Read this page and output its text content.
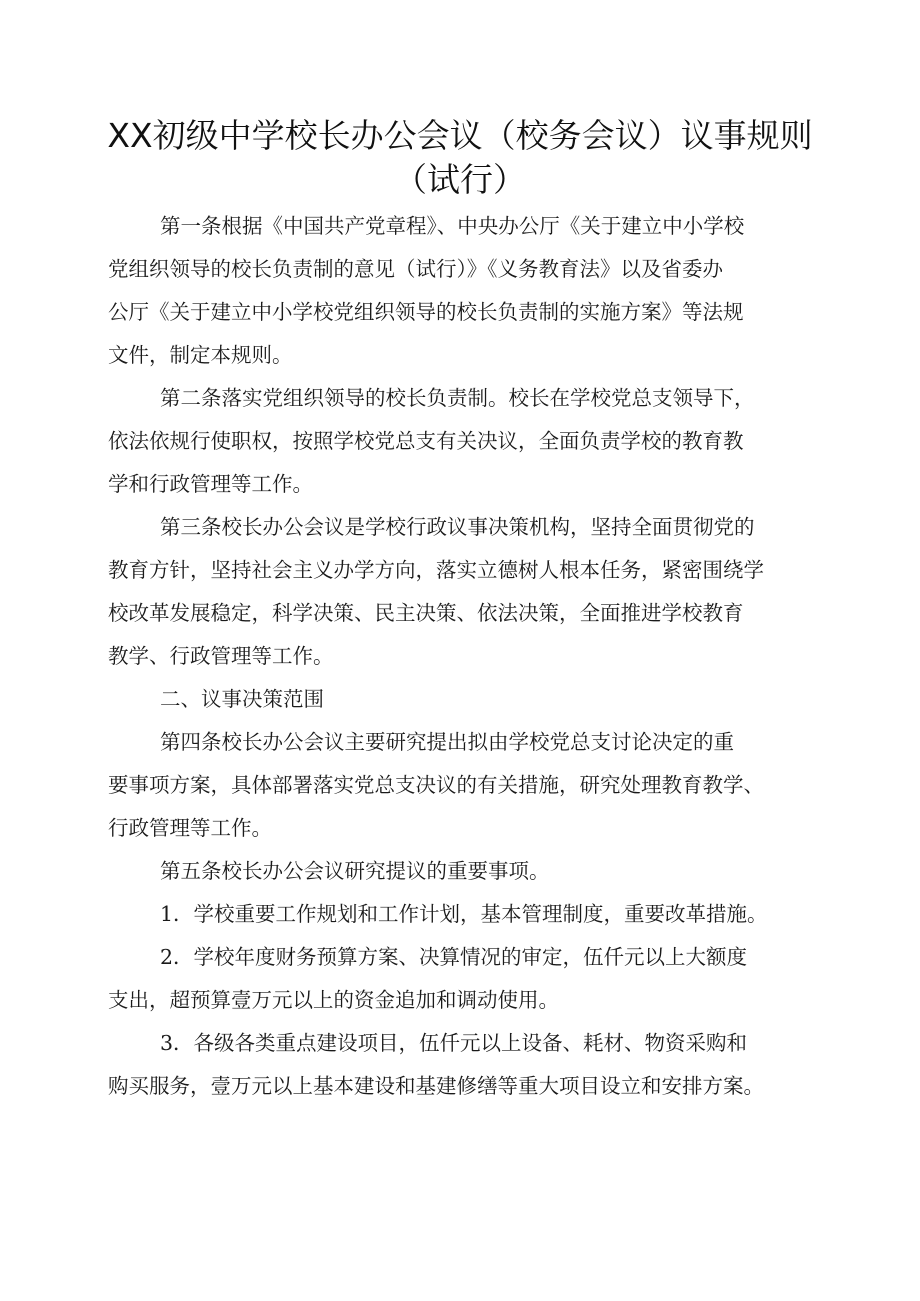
XX初级中学校长办公会议（校务会议）议事规则
（试行）

第一条根据《中国共产党章程》、中央办公厅《关于建立中小学校

党组织领导的校长负责制的意见（试行）》《义务教育法》以及省委办

公厅《关于建立中小学校党组织领导的校长负责制的实施方案》等法规

文件，制定本规则。

第二条落实党组织领导的校长负责制。校长在学校党总支领导下，

依法依规行使职权，按照学校党总支有关决议，全面负责学校的教育教

学和行政管理等工作。

第三条校长办公会议是学校行政议事决策机构，坚持全面贯彻党的

教育方针，坚持社会主义办学方向，落实立德树人根本任务，紧密围绕学

校改革发展稳定，科学决策、民主决策、依法决策，全面推进学校教育

教学、行政管理等工作。

二、议事决策范围

第四条校长办公会议主要研究提出拟由学校党总支讨论决定的重

要事项方案，具体部署落实党总支决议的有关措施，研究处理教育教学、

行政管理等工作。

第五条校长办公会议研究提议的重要事项。

1．学校重要工作规划和工作计划，基本管理制度，重要改革措施。

2．学校年度财务预算方案、决算情况的审定，伍仟元以上大额度

支出，超预算壹万元以上的资金追加和调动使用。

3．各级各类重点建设项目，伍仟元以上设备、耗材、物资采购和

购买服务，壹万元以上基本建设和基建修缮等重大项目设立和安排方案。
